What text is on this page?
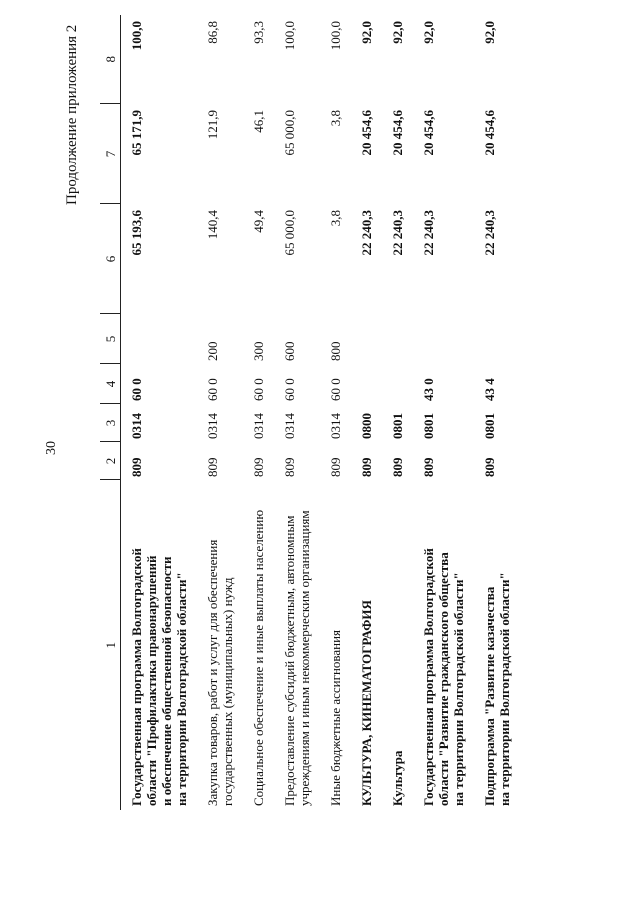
30
Продолжение приложения 2
1	2	3	4	5	6	7	8

Государственная программа Волгоградской области "Профилактика правонарушений и обеспечение общественной безопасности на территории Волгоградской области"	809	0314	60 0		65 193,6	65 171,9	100,0

Закупка товаров, работ и услуг для обеспечения государственных (муниципальных) нужд	809	0314	60 0	200	140,4	121,9	86,8

Социальное обеспечение и иные выплаты населению	809	0314	60 0	300	49,4	46,1	93,3

Предоставление субсидий бюджетным, автономным учреждениям и иным некоммерческим организациям	809	0314	60 0	600	65 000,0	65 000,0	100,0

Иные бюджетные ассигнования	809	0314	60 0	800	3,8	3,8	100,0

КУЛЬТУРА, КИНЕМАТОГРАФИЯ	809	0800			22 240,3	20 454,6	92,0

Культура	809	0801			22 240,3	20 454,6	92,0

Государственная программа Волгоградской области "Развитие гражданского общества на территории Волгоградской области"	809	0801	43 0		22 240,3	20 454,6	92,0

Подпрограмма "Развитие казачества на территории Волгоградской области"	809	0801	43 4		22 240,3	20 454,6	92,0
